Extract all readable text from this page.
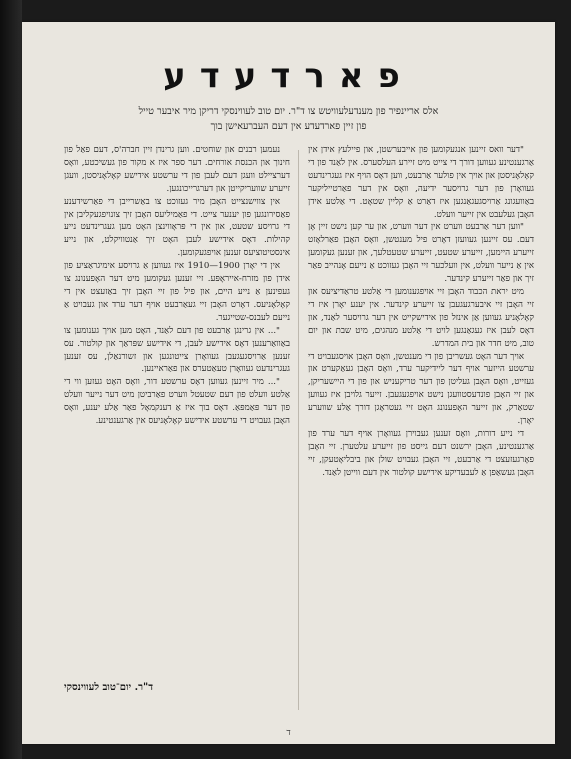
פארדעדע
אלס אריינפיר פון מענדעלעוויטש צו ד"ר. יום טוב לעווינסקי דריקן מיר איבער טייל
פון זיין פארדעדע אין דעם העברעאישן בוך

"דער וואס זיינען אנגעקומען פון אייבערשטן, און פיילעץ אידן אין אַרגענטינע געווען דורך די צייט מיט זיירע העלסערס. אין לאַנד פון די קאָלאָניסטן און אויך אין פולער אַרבעט, ווען דאָס הויף איז געגרינדעט געוואָרן פון דער גרויסער ידיעה, וואָס אין דער פאַרטייליקער באַוועגונג אַרויסגעגאַנגען איז דאַרט אַ קליין שטאָט. די אַלטע אידן האָבן געלעבט אין זייער וועלט.

"ווען דער אַרבעט ווערט אין דער ווערט, און ער קען נישט זיין אָן דעם. עס זיינען געוועזן דאָרט פיל מענטשן, וואָס האָבן פאַרלאָזט זייערע היימען, זייערע שטעט, זייערע שטעטלעך, און זענען געקומען אין אַ נייער וועלט, אין וועלכער זיי האָבן געזוכט אַ נייעם אָנהייב פאַר זיך און פאַר זייערע קינדער.

מיט יראת הכבוד האָבן זיי אויפגענומען די אַלטע טראַדיציעס און זיי האָבן זיי איבערגעגעבן צו זייערע קינדער. אין יענע יאָרן איז די קאָלאָניע געווען אַן אינזל פון אידישקייט אין דער גרויסער לאַנד, און דאָס לעבן איז געגאַנגען לויט די אַלטע מנהגים, מיט שבת און יום טוב, מיט חדר און בית המדרש.

אויך דער האָט געשריבן פון די מענטשן, וואָס האָבן אויסגעבויט די ערשטע הייזער אויף דער ליידיקער ערד, וואָס האָבן געאַקערט און געזייט, וואָס האָבן געליטן פון דער טריקעניש און פון די היישעריקן, און זיי האָבן פונדעסטוועגן נישט אויפגעגעבן. זייער גלויבן איז געווען שטאַרק, און זייער האָפענונג האָט זיי געטראָגן דורך אַלע שווערע יאָרן.

די נייע דורות, וואָס זענען געבוירן געוואָרן אויף דער ערד פון אַרגענטינע, האָבן ירשנט דעם גייסט פון זייערע עלטערן. זיי האָבן פאָרגעזעצט די אַרבעט, זיי האָבן געבויט שולן און ביבליאָטעקן, זיי האָבן געשאַפן אַ לעבעדיקע אידישע קולטור אין דעם ווייטן לאַנד.

נעמען רבנים און שוחטים. ווען גרינדן זיין חברה'ס, דעם פאַל פון חינוך און הכנסת אורחים. דער ספר איז א מקור פון געשיכטע, וואָס דערציילט וועגן דעם לעבן פון די ערשטע אידישע קאָלאָניסטן, וועגן זייערע שוועריקייטן און דערגרייכונגען.

אין צווישנצייט האָבן מיר געזוכט צו באַשרייבן די פאַרשידענע פאַסירונגען פון יענער צייט. די פאַמיליעס האָבן זיך צונויפגעקליבן אין די גרויסע שטעט, און אין די פּראָווינצן האָט מען געגרינדעט נייע קהילות. דאָס אידישע לעבן האָט זיך אַנטוויקלט, און נייע אינסטיטוציעס זענען אויפגעקומען.

אין די יאָרן 1900—1910 איז געווען אַ גרויסע אימיגראַציע פון אידן פון מזרח-אייראָפּע. זיי זענען געקומען מיט דער האָפענונג צו געפינען אַ נייע היים, און פיל פון זיי האָבן זיך באַזעצט אין די קאָלאָניעס. דאָרט האָבן זיי געאַרבעט אויף דער ערד און געבויט אַ נייעם לעבנס-שטייגער.

"... אין גרינגן אַרבעט פון דעם לאַנד, האָט מען אויך גענומען צו באַוואַרענען דאָס אידישע לעבן, די אידישע שפּראַך און קולטור. עס זענען אַרויסגעגעבן געוואָרן צייטונגען און זשורנאַלן, עס זענען געגרינדעט געוואָרן טעאַטערס און פאַראיינען.

"... מיר זיינען געווען דאָס ערשטע דור, וואָס האָט געזען ווי די אַלטע וועלט פון דעם שטעטל ווערט פאַרביטן מיט דער נייער וועלט פון דער פּאַמפּאַ. דאָס בוך איז אַ דענקמאָל פאַר אַלע יענע, וואָס האָבן געבויט די ערשטע אידישע קאָלאָניעס אין אַרגענטינע.

ד"ר. יום־טוב לעווינסקי
ד
